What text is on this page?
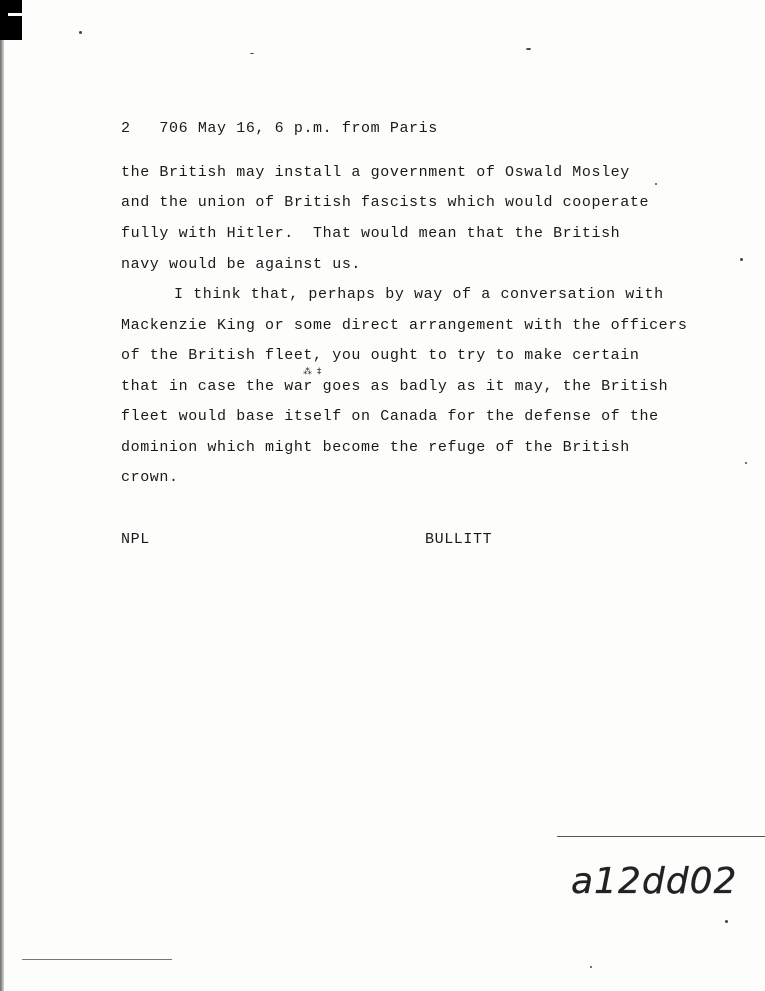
2 706 May 16, 6 p.m. from Paris
the British may install a government of Oswald Mosley
and the union of British fascists which would cooperate
fully with Hitler.  That would mean that the British
navy would be against us.
I think that, perhaps by way of a conversation with
Mackenzie King or some direct arrangement with the officers
of the British fleet, you ought to try to make certain
that in case the war goes as badly as it may, the British
fleet would base itself on Canada for the defense of the
dominion which might become the refuge of the British
crown.
⁂ ‡
NPL	BULLITT
a12dd02
